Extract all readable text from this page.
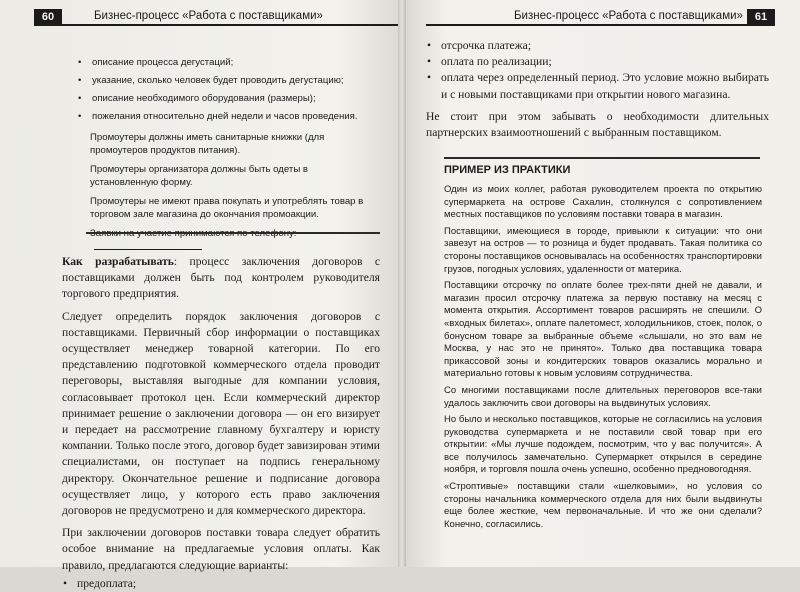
60	Бизнес-процесс «Работа с поставщиками»
• описание процесса дегустаций;
• указание, сколько человек будет проводить дегустацию;
• описание необходимого оборудования (размеры);
• пожелания относительно дней недели и часов проведения.

Промоутеры должны иметь санитарные книжки (для промоутеров продуктов питания).

Промоутеры организатора должны быть одеты в установленную форму.

Промоутеры не имеют права покупать и употреблять товар в торговом зале магазина до окончания промоакции.

Как разрабатывать: процесс заключения договоров с поставщиками должен быть под контролем руководителя торгового предприятия.

Следует определить порядок заключения договоров с поставщиками. Первичный сбор информации о поставщиках осуществляет менеджер товарной категории. По его представлению подготовкой коммерческого отдела проводит переговоры, выставляя выгодные для компании условия, согласовывает протокол цен. Если коммерческий директор принимает решение о заключении договора — он его визирует и передает на рассмотрение главному бухгалтеру и юристу компании. Только после этого, договор будет завизирован этими специалистами, он поступает на подпись генеральному директору. Окончательное решение и подписание договора осуществляет лицо, у которого есть право заключения договоров не предусмотрено и для коммерческого директора.

При заключении договоров поставки товара следует обратить особое внимание на предлагаемые условия оплаты. Как правило, предлагаются следующие варианты:

• предоплата;
Бизнес-процесс «Работа с поставщиками»	61
• отсрочка платежа;
• оплата по реализации;
• оплата через определенный период. Это условие можно выбирать и с новыми поставщиками при открытии нового магазина.

Не стоит при этом забывать о необходимости длительных партнерских взаимоотношений с выбранным поставщиком.

ПРИМЕР ИЗ ПРАКТИКИ

Один из моих коллег, работая руководителем проекта по открытию супермаркета на острове Сахалин, столкнулся с сопротивлением местных поставщиков по условиям поставки товара в магазин.

Поставщики, имеющиеся в городе, привыкли к ситуации: что они завезут на остров — то розница и будет продавать. Такая политика со стороны поставщиков основывалась на особенностях транспортировки грузов, погодных условиях, удаленности от материка.

Поставщики отсрочку по оплате более трех-пяти дней не давали, и магазин просил отсрочку платежа за первую поставку на месяц с момента открытия. Ассортимент товаров расширять не спешили. О «входных билетах», оплате палетомест, холодильников, стоек, полок, о бонусном товаре за выбранные объеме «слышали, но это вам не Москва, у нас это не принято». Только два поставщика товара прикассовой зоны и кондитерских товаров оказались морально и материально готовы к новым условиям сотрудничества.

Со многими поставщиками после длительных переговоров все-таки удалось заключить свои договоры на выдвинутых условиях.

Но было и несколько поставщиков, которые не согласились на условия руководства супермаркета и не поставили свой товар при его открытии: «Мы лучше подождем, посмотрим, что у вас получится». А все получилось замечательно. Супермаркет открылся в середине ноября, и торговля пошла очень успешно, особенно предновогодняя.

«Строптивые» поставщики стали «шелковыми», но условия со стороны начальника коммерческого отдела для них были выдвинуты еще более жесткие, чем первоначальные. И что же они сделали? Конечно, согласились.
